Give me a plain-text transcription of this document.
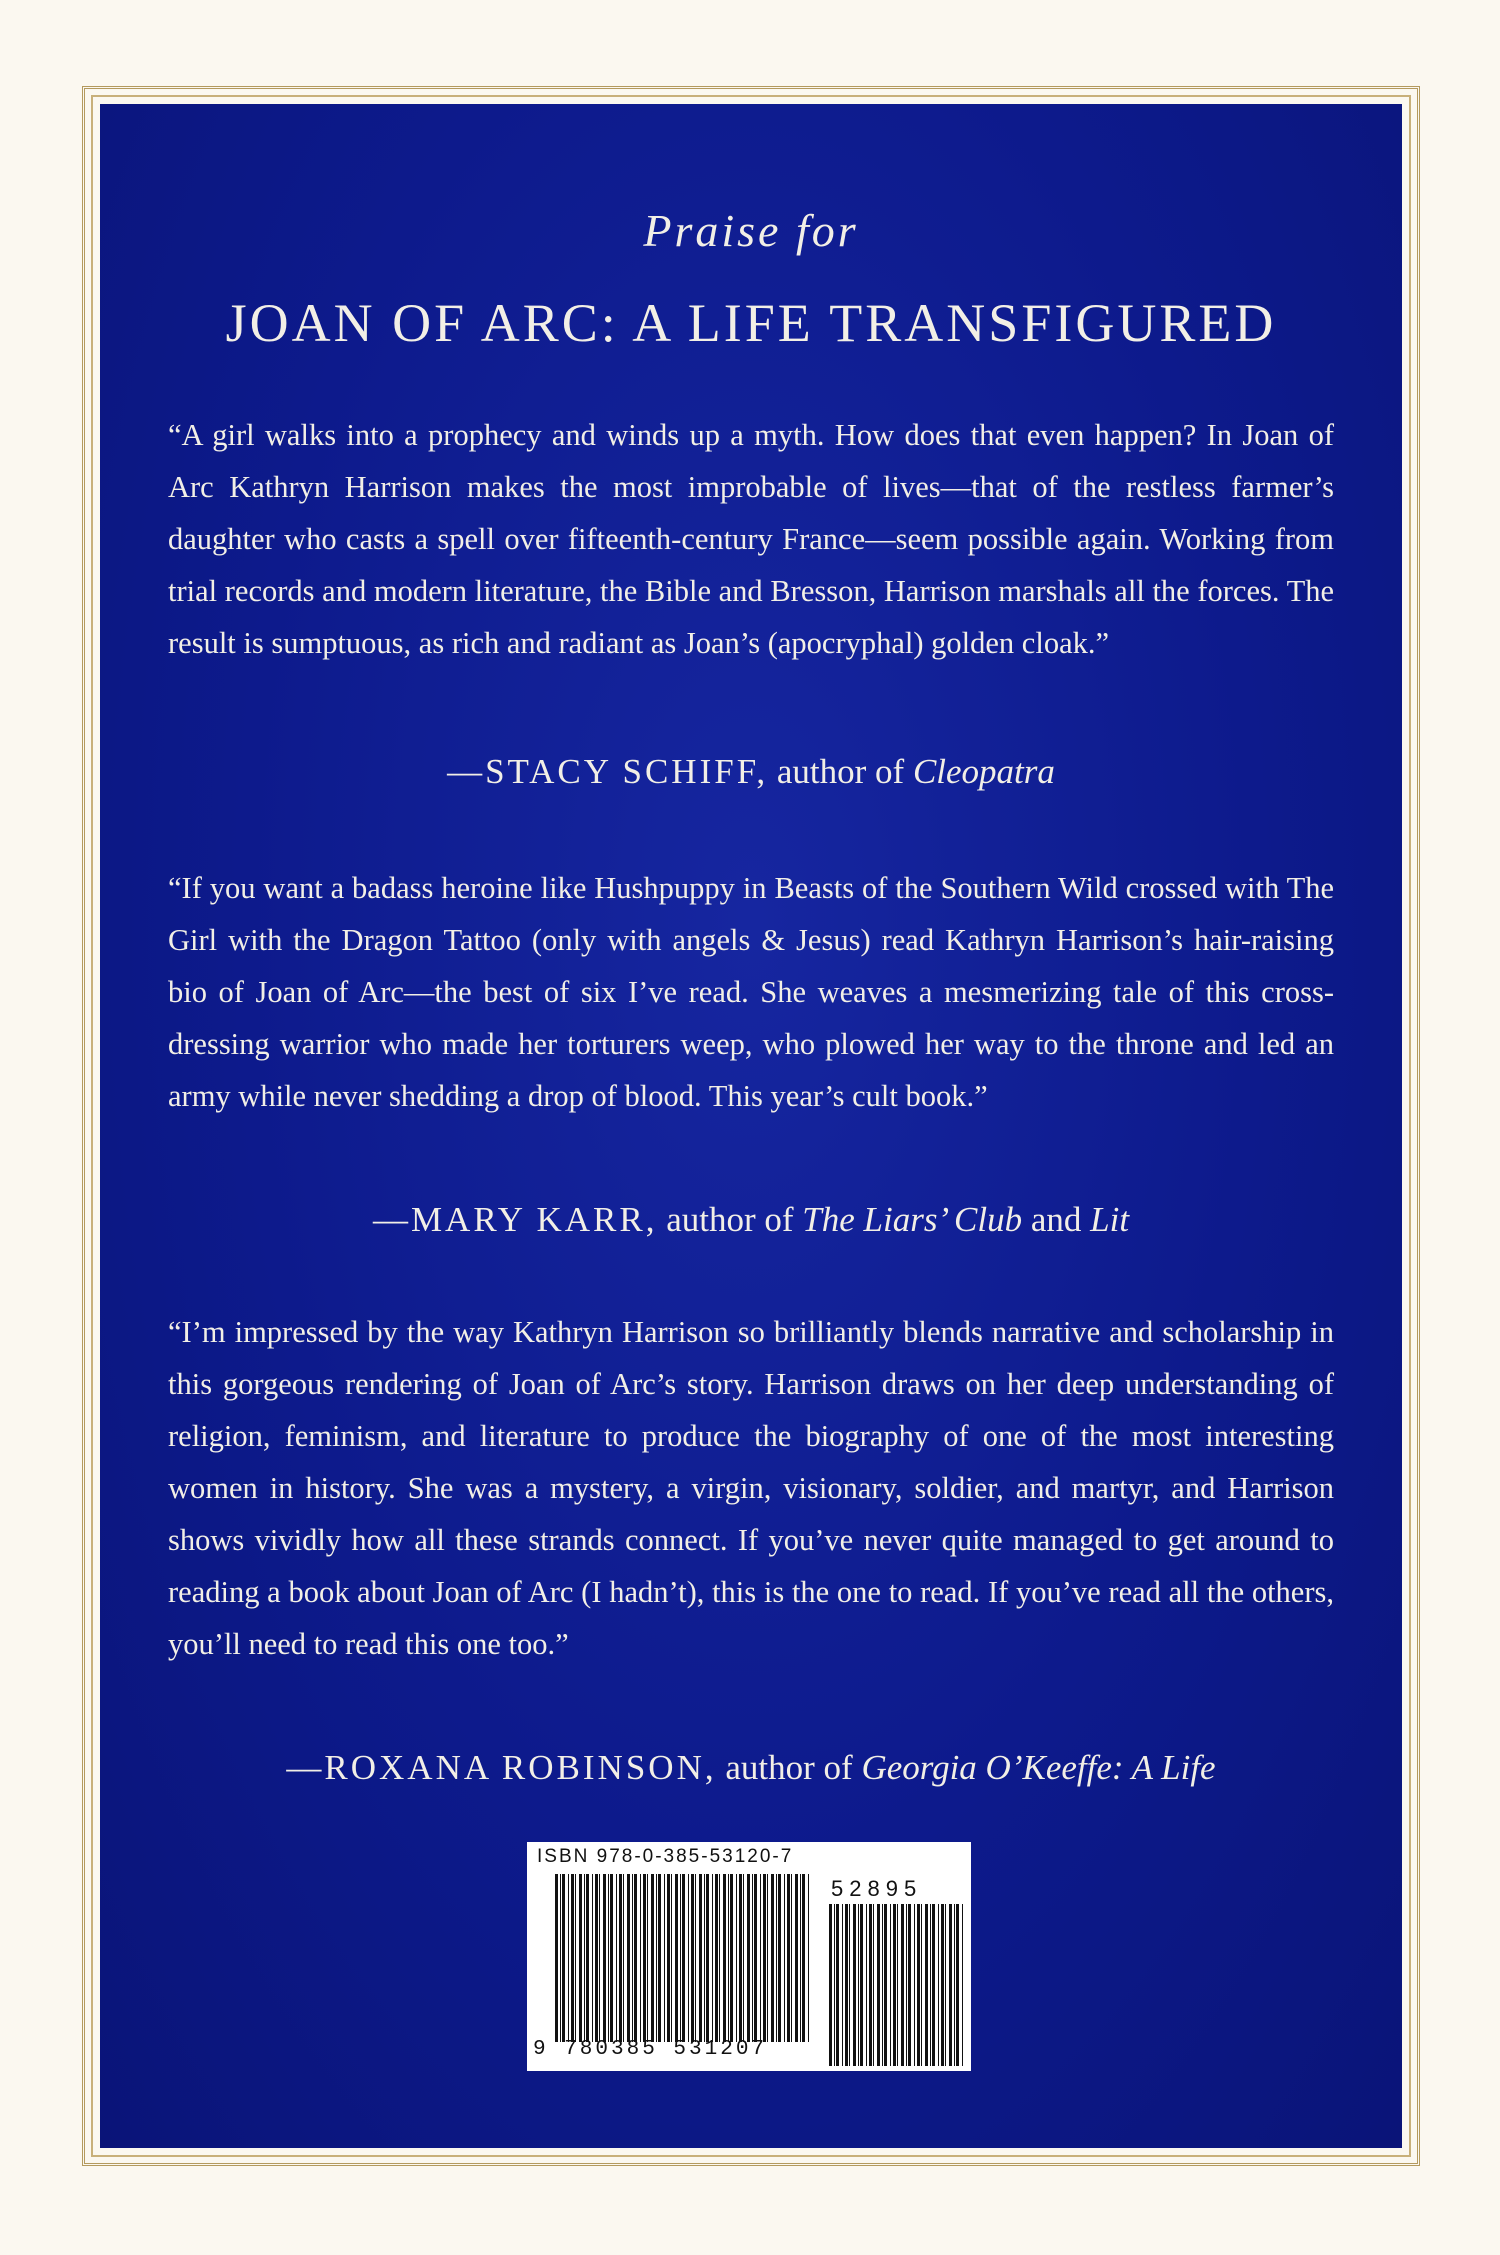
Praise for
JOAN OF ARC: A LIFE TRANSFIGURED
“A girl walks into a prophecy and winds up a myth. How does that even happen? In Joan of Arc Kathryn Harrison makes the most improbable of lives—that of the restless farmer’s daughter who casts a spell over fifteenth-century France—seem possible again. Working from trial records and modern literature, the Bible and Bresson, Harrison marshals all the forces. The result is sumptuous, as rich and radiant as Joan’s (apocryphal) golden cloak.”
—STACY SCHIFF, author of Cleopatra
“If you want a badass heroine like Hushpuppy in Beasts of the Southern Wild crossed with The Girl with the Dragon Tattoo (only with angels & Jesus) read Kathryn Harrison’s hair-raising bio of Joan of Arc—the best of six I’ve read. She weaves a mesmerizing tale of this cross-dressing warrior who made her torturers weep, who plowed her way to the throne and led an army while never shedding a drop of blood. This year’s cult book.”
—MARY KARR, author of The Liars’ Club and Lit
“I’m impressed by the way Kathryn Harrison so brilliantly blends narrative and scholarship in this gorgeous rendering of Joan of Arc’s story. Harrison draws on her deep understanding of religion, feminism, and literature to produce the biography of one of the most interesting women in history. She was a mystery, a virgin, visionary, soldier, and martyr, and Harrison shows vividly how all these strands connect. If you’ve never quite managed to get around to reading a book about Joan of Arc (I hadn’t), this is the one to read. If you’ve read all the others, you’ll need to read this one too.”
—ROXANA ROBINSON, author of Georgia O’Keeffe: A Life
ISBN 978-0-385-53120-7
52895
9 780385 531207
